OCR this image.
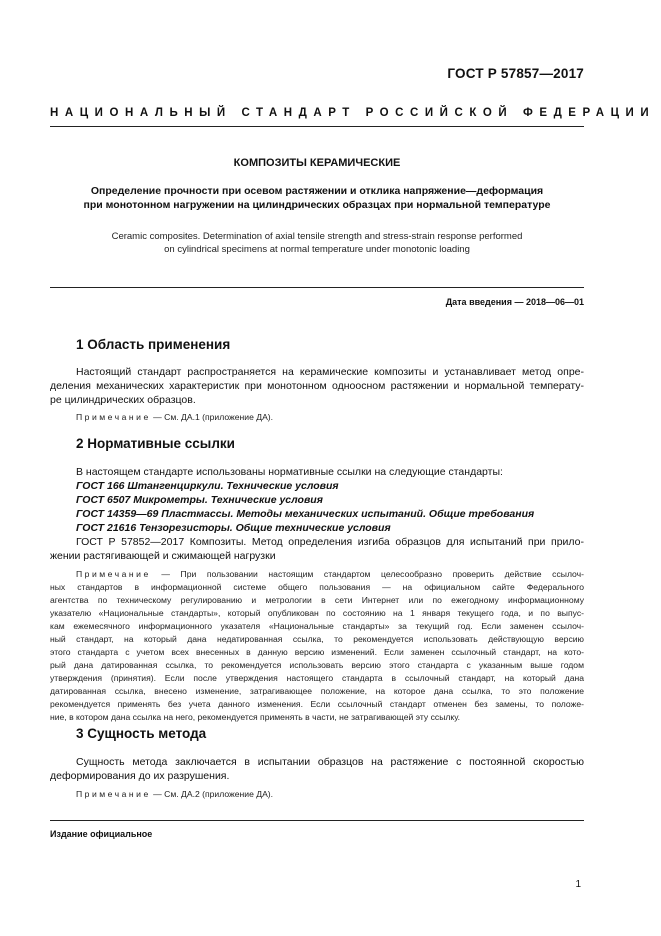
ГОСТ Р 57857—2017
НАЦИОНАЛЬНЫЙ СТАНДАРТ РОССИЙСКОЙ ФЕДЕРАЦИИ
КОМПОЗИТЫ КЕРАМИЧЕСКИЕ
Определение прочности при осевом растяжении и отклика напряжение—деформация
при монотонном нагружении на цилиндрических образцах при нормальной температуре
Ceramic composites. Determination of axial tensile strength and stress-strain response performed
on cylindrical specimens at normal temperature under monotonic loading
Дата введения — 2018—06—01
1 Область применения
Настоящий стандарт распространяется на керамические композиты и устанавливает метод опре-
деления механических характеристик при монотонном одноосном растяжении и нормальной температу-
ре цилиндрических образцов.
Примечание — См. ДА.1 (приложение ДА).
2 Нормативные ссылки
В настоящем стандарте использованы нормативные ссылки на следующие стандарты:
ГОСТ 166 Штангенциркули. Технические условия
ГОСТ 6507 Микрометры. Технические условия
ГОСТ 14359—69 Пластмассы. Методы механических испытаний. Общие требования
ГОСТ 21616 Тензорезисторы. Общие технические условия
ГОСТ Р 57852—2017 Композиты. Метод определения изгиба образцов для испытаний при прило-
жении растягивающей и сжимающей нагрузки
Примечание — При пользовании настоящим стандартом целесообразно проверить действие ссылоч-
ных стандартов в информационной системе общего пользования — на официальном сайте Федерального
агентства по техническому регулированию и метрологии в сети Интернет или по ежегодному информационному
указателю «Национальные стандарты», который опубликован по состоянию на 1 января текущего года, и по выпус-
кам ежемесячного информационного указателя «Национальные стандарты» за текущий год. Если заменен ссылоч-
ный стандарт, на который дана недатированная ссылка, то рекомендуется использовать действующую версию
этого стандарта с учетом всех внесенных в данную версию изменений. Если заменен ссылочный стандарт, на кото-
рый дана датированная ссылка, то рекомендуется использовать версию этого стандарта с указанным выше годом
утверждения (принятия). Если после утверждения настоящего стандарта в ссылочный стандарт, на который дана
датированная ссылка, внесено изменение, затрагивающее положение, на которое дана ссылка, то это положение
рекомендуется применять без учета данного изменения. Если ссылочный стандарт отменен без замены, то положе-
ние, в котором дана ссылка на него, рекомендуется применять в части, не затрагивающей эту ссылку.
3 Сущность метода
Сущность метода заключается в испытании образцов на растяжение с постоянной скоростью
деформирования до их разрушения.
Примечание — См. ДА.2 (приложение ДА).
Издание официальное
1
